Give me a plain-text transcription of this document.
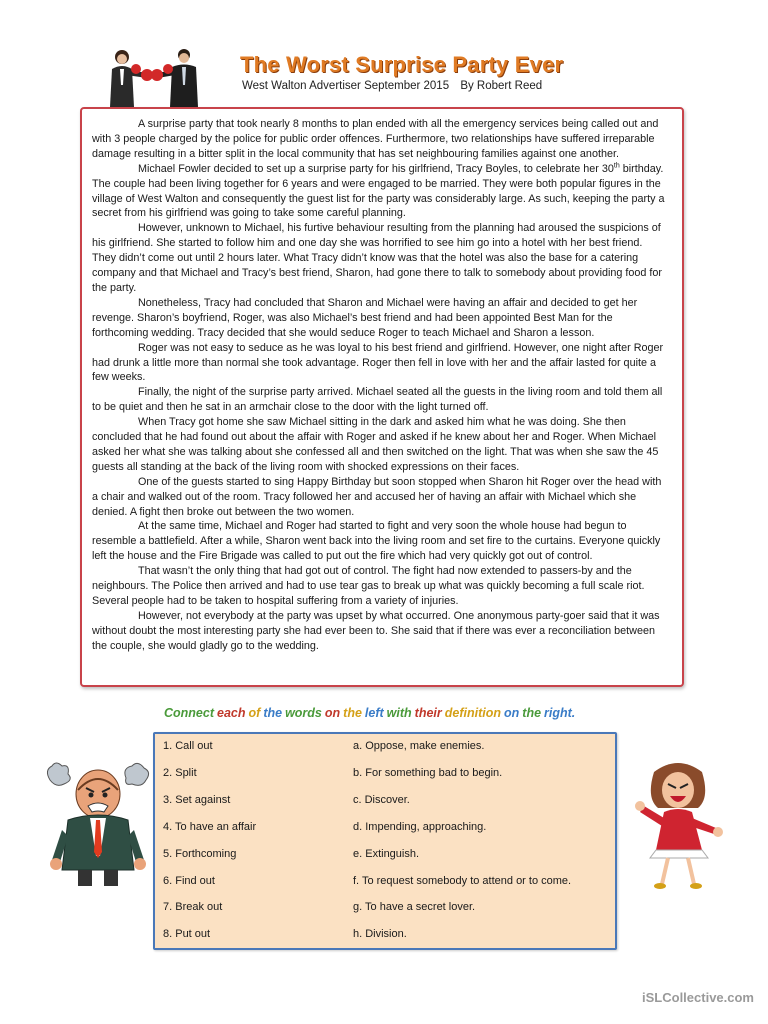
The Worst Surprise Party Ever
West Walton Advertiser September 2015 By Robert Reed

A surprise party that took nearly 8 months to plan ended with all the emergency services being called out and with 3 people charged by the police for public order offences. Furthermore, two relationships have suffered irreparable damage resulting in a bitter split in the local community that has set neighbouring families against one another.

Michael Fowler decided to set up a surprise party for his girlfriend, Tracy Boyles, to celebrate her 30th birthday. The couple had been living together for 6 years and were engaged to be married. They were both popular figures in the village of West Walton and consequently the guest list for the party was considerably large. As such, keeping the party a secret from his girlfriend was going to take some careful planning.

However, unknown to Michael, his furtive behaviour resulting from the planning had aroused the suspicions of his girlfriend. She started to follow him and one day she was horrified to see him go into a hotel with her best friend. They didn’t come out until 2 hours later. What Tracy didn’t know was that the hotel was also the base for a catering company and that Michael and Tracy’s best friend, Sharon, had gone there to talk to somebody about providing food for the party.

Nonetheless, Tracy had concluded that Sharon and Michael were having an affair and decided to get her revenge. Sharon’s boyfriend, Roger, was also Michael’s best friend and had been appointed Best Man for the forthcoming wedding. Tracy decided that she would seduce Roger to teach Michael and Sharon a lesson.

Roger was not easy to seduce as he was loyal to his best friend and girlfriend. However, one night after Roger had drunk a little more than normal she took advantage. Roger then fell in love with her and the affair lasted for quite a few weeks.

Finally, the night of the surprise party arrived. Michael seated all the guests in the living room and told them all to be quiet and then he sat in an armchair close to the door with the light turned off.

When Tracy got home she saw Michael sitting in the dark and asked him what he was doing. She then concluded that he had found out about the affair with Roger and asked if he knew about her and Roger. When Michael asked her what she was talking about she confessed all and then switched on the light. That was when she saw the 45 guests all standing at the back of the living room with shocked expressions on their faces.

One of the guests started to sing Happy Birthday but soon stopped when Sharon hit Roger over the head with a chair and walked out of the room. Tracy followed her and accused her of having an affair with Michael which she denied. A fight then broke out between the two women.

At the same time, Michael and Roger had started to fight and very soon the whole house had begun to resemble a battlefield. After a while, Sharon went back into the living room and set fire to the curtains. Everyone quickly left the house and the Fire Brigade was called to put out the fire which had very quickly got out of control.

That wasn’t the only thing that had got out of control. The fight had now extended to passers-by and the neighbours. The Police then arrived and had to use tear gas to break up what was quickly becoming a full scale riot. Several people had to be taken to hospital suffering from a variety of injuries.

However, not everybody at the party was upset by what occurred. One anonymous party-goer said that it was without doubt the most interesting party she had ever been to. She said that if there was ever a reconciliation between the couple, she would gladly go to the wedding.

Connect each of the words on the left with their definition on the right.
1. Call out	a. Oppose, make enemies.
2. Split	b. For something bad to begin.
3. Set against	c. Discover.
4. To have an affair	d. Impending, approaching.
5. Forthcoming	e. Extinguish.
6. Find out	f. To request somebody to attend or to come.
7. Break out	g. To have a secret lover.
8. Put out	h. Division.
iSLCollective.com
